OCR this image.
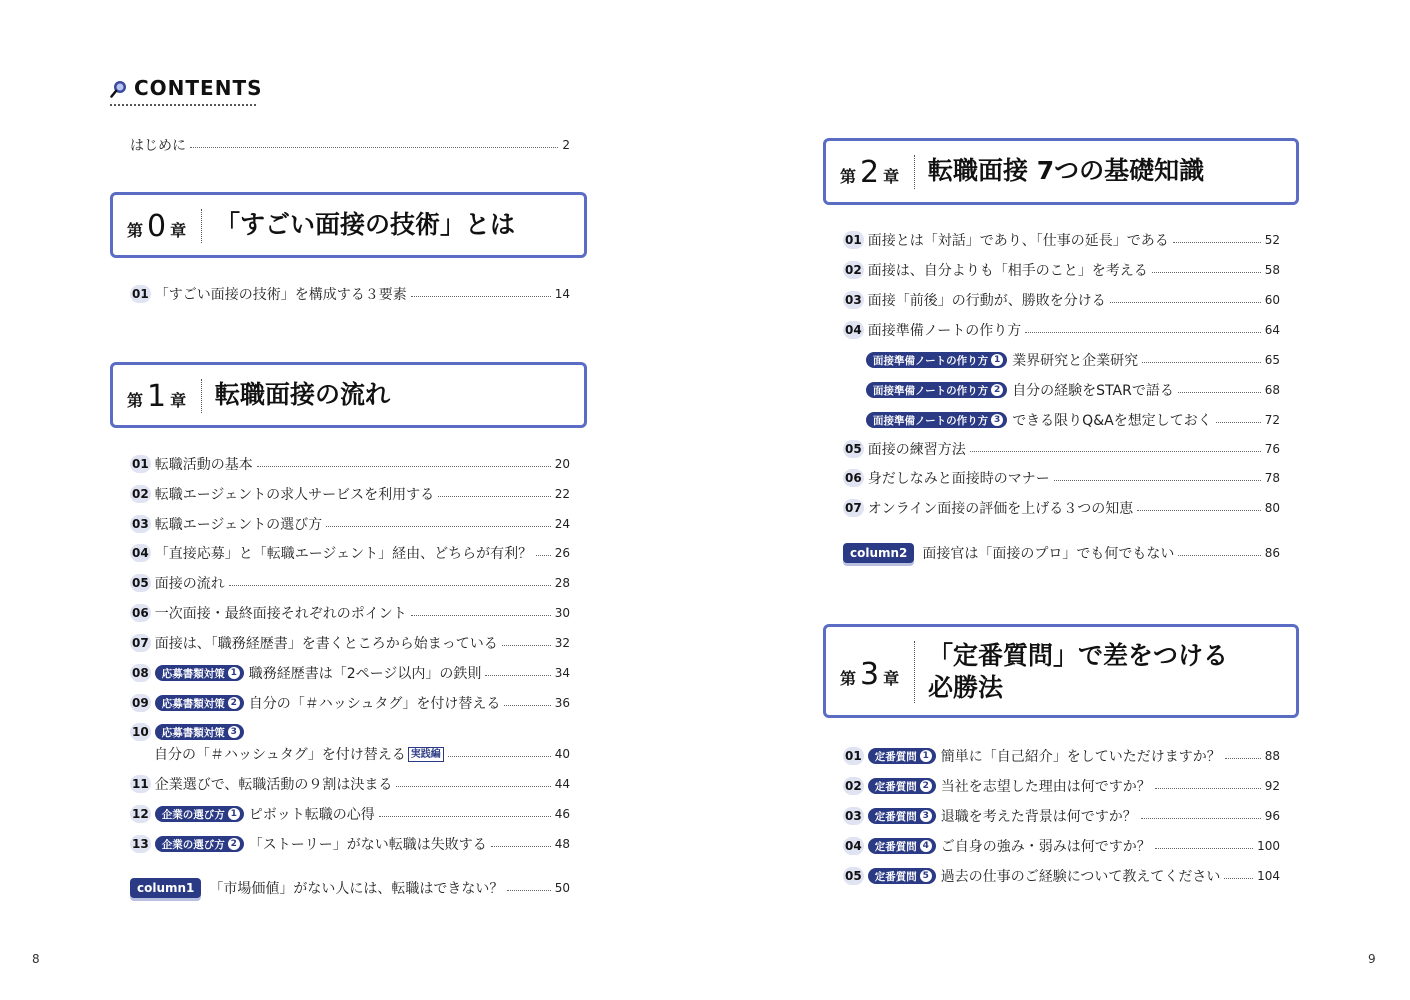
CONTENTS
はじめに	2
第 0 章 「すごい面接の技術」とは
01 「すごい面接の技術」を構成する３要素	14
第 1 章 転職面接の流れ
01 転職活動の基本	20
02 転職エージェントの求人サービスを利用する	22
03 転職エージェントの選び方	24
04 「直接応募」と「転職エージェント」経由、どちらが有利？ 26
05 面接の流れ	28
06 一次面接・最終面接それぞれのポイント	30
07 面接は、「職務経歴書」を書くところから始まっている	32
08 応募書類対策 1 職務経歴書は「2ページ以内」の鉄則	34
09 応募書類対策 2 自分の「＃ハッシュタグ」を付け替える	36
10 応募書類対策 3
自分の「＃ハッシュタグ」を付け替える 実践編	40
11 企業選びで、転職活動の９割は決まる	44
12 企業の選び方 1 ピボット転職の心得	46
13 企業の選び方 2 「ストーリー」がない転職は失敗する	48
column1	「市場価値」がない人には、転職はできない？	50
第 2 章 転職面接 7つの基礎知識
01 面接とは「対話」であり、「仕事の延長」である	52
02 面接は、自分よりも「相手のこと」を考える	58
03 面接「前後」の行動が、勝敗を分ける	60
04 面接準備ノートの作り方	64
面接準備ノートの作り方 1 業界研究と企業研究	65
面接準備ノートの作り方 2 自分の経験をSTARで語る	68
面接準備ノートの作り方 3 できる限りQ&Aを想定しておく	72
05 面接の練習方法	76
06 身だしなみと面接時のマナー	78
07 オンライン面接の評価を上げる３つの知恵	80
column2	面接官は「面接のプロ」でも何でもない	86
第 3 章
「定番質問」で差をつける
必勝法
01 定番質問 1 簡単に「自己紹介」をしていただけますか？	88
02 定番質問 2 当社を志望した理由は何ですか？	92
03 定番質問 3 退職を考えた背景は何ですか？	96
04 定番質問 4 ご自身の強み・弱みは何ですか？	100
05 定番質問 5 過去の仕事のご経験について教えてください	104
8	9
